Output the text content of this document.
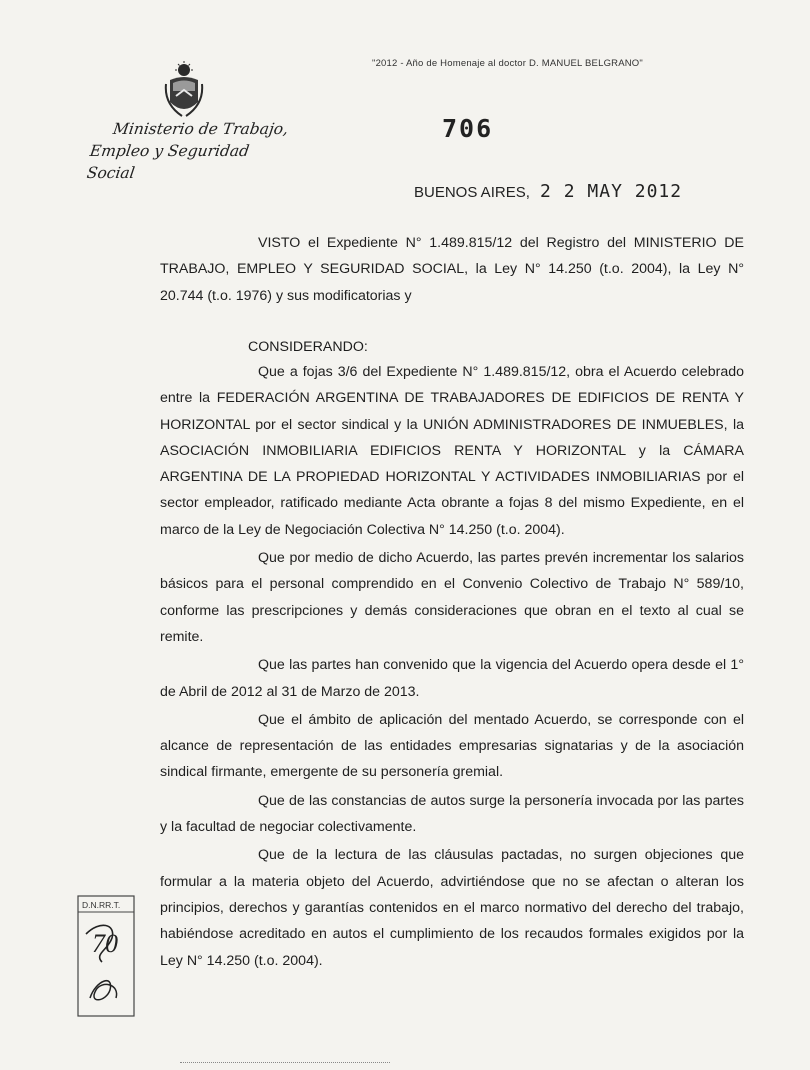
"2012 - Año de Homenaje al doctor D. MANUEL BELGRANO"
Ministerio de Trabajo,
Empleo y Seguridad Social
706
BUENOS AIRES, 2 2 MAY 2012

VISTO el Expediente N° 1.489.815/12 del Registro del MINISTERIO DE TRABAJO, EMPLEO Y SEGURIDAD SOCIAL, la Ley N° 14.250 (t.o. 2004), la Ley N° 20.744 (t.o. 1976) y sus modificatorias y

CONSIDERANDO:

Que a fojas 3/6 del Expediente N° 1.489.815/12, obra el Acuerdo celebrado entre la FEDERACIÓN ARGENTINA DE TRABAJADORES DE EDIFICIOS DE RENTA Y HORIZONTAL por el sector sindical y la UNIÓN ADMINISTRADORES DE INMUEBLES, la ASOCIACIÓN INMOBILIARIA EDIFICIOS RENTA Y HORIZONTAL y la CÁMARA ARGENTINA DE LA PROPIEDAD HORIZONTAL Y ACTIVIDADES INMOBILIARIAS por el sector empleador, ratificado mediante Acta obrante a fojas 8 del mismo Expediente, en el marco de la Ley de Negociación Colectiva N° 14.250 (t.o. 2004).

Que por medio de dicho Acuerdo, las partes prevén incrementar los salarios básicos para el personal comprendido en el Convenio Colectivo de Trabajo N° 589/10, conforme las prescripciones y demás consideraciones que obran en el texto al cual se remite.

Que las partes han convenido que la vigencia del Acuerdo opera desde el 1° de Abril de 2012 al 31 de Marzo de 2013.

Que el ámbito de aplicación del mentado Acuerdo, se corresponde con el alcance de representación de las entidades empresarias signatarias y de la asociación sindical firmante, emergente de su personería gremial.

Que de las constancias de autos surge la personería invocada por las partes y la facultad de negociar colectivamente.

Que de la lectura de las cláusulas pactadas, no surgen objeciones que formular a la materia objeto del Acuerdo, advirtiéndose que no se afectan o alteran los principios, derechos y garantías contenidos en el marco normativo del derecho del trabajo, habiéndose acreditado en autos el cumplimiento de los recaudos formales exigidos por la Ley N° 14.250 (t.o. 2004).

D.N.RR.T.
70
